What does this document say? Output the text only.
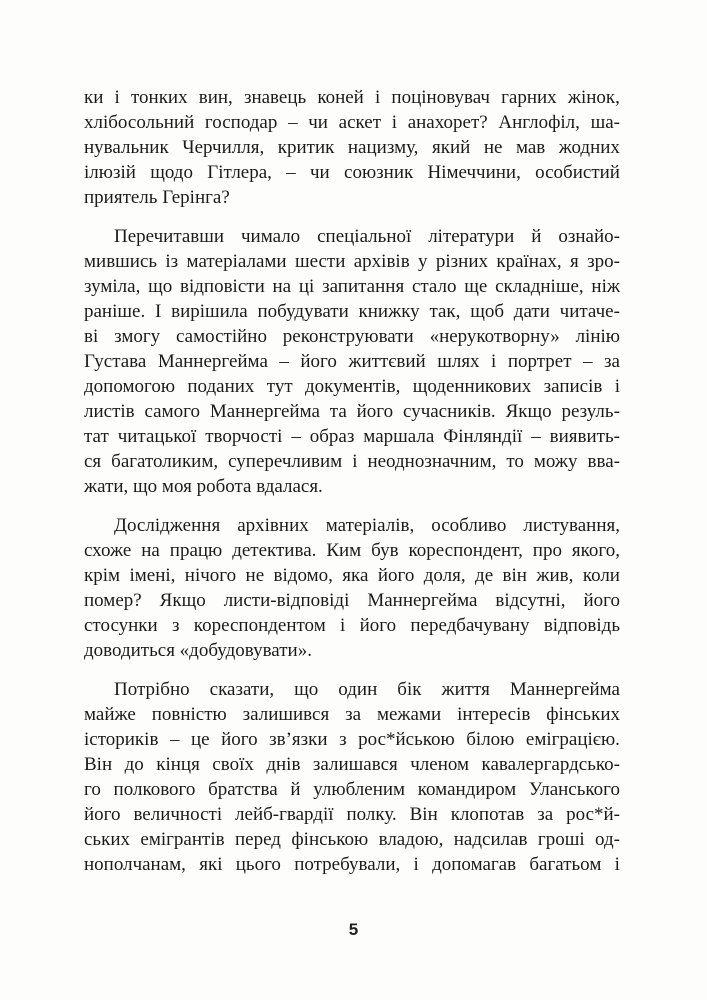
ки і тонких вин, знавець коней і поціновувач гарних жінок,
хлібосольний господар – чи аскет і анахорет? Англофіл, ша-
нувальник Черчилля, критик нацизму, який не мав жодних
ілюзій щодо Гітлера, – чи союзник Німеччини, особистий
приятель Герінга?
Перечитавши чимало спеціальної літератури й ознайо-
мившись із матеріалами шести архівів у різних країнах, я зро-
зуміла, що відповісти на ці запитання стало ще складніше, ніж
раніше. І вирішила побудувати книжку так, щоб дати читаче-
ві змогу самостійно реконструювати «нерукотворну» лінію
Густава Маннергейма – його життєвий шлях і портрет – за
допомогою поданих тут документів, щоденникових записів і
листів самого Маннергейма та його сучасників. Якщо резуль-
тат читацької творчості – образ маршала Фінляндії – виявить-
ся багатоликим, суперечливим і неоднозначним, то можу вва-
жати, що моя робота вдалася.
Дослідження архівних матеріалів, особливо листування,
схоже на працю детектива. Ким був кореспондент, про якого,
крім імені, нічого не відомо, яка його доля, де він жив, коли
помер? Якщо листи-відповіді Маннергейма відсутні, його
стосунки з кореспондентом і його передбачувану відповідь
доводиться «добудовувати».
Потрібно сказати, що один бік життя Маннергейма
майже повністю залишився за межами інтересів фінських
істориків – це його зв’язки з рос*йською білою еміграцією.
Він до кінця своїх днів залишався членом кавалергардсько-
го полкового братства й улюбленим командиром Уланського
його величності лейб-гвардії полку. Він клопотав за рос*й-
ських емігрантів перед фінською владою, надсилав гроші од-
нополчанам, які цього потребували, і допомагав багатьом і
5
